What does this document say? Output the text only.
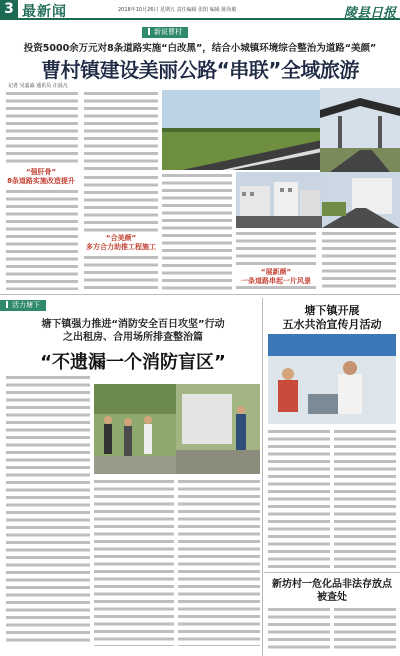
3 最新闻	2018年10月26日 星期五 责任编辑 张阳 编辑 陈尚敏	陵县日报
新说曹村
投资5000余万元对8条道路实施“白改黑”，结合小城镇环境综合整治为道路“美颜”
曹村镇建设美丽公路“串联”全域旅游
记者 吴嘉淼 通讯员 汪晨凡
“强肝骨”
8条道路实施改造提升
“合美颜”
多方合力助推工程施工
“展新颜”
一条道路串起一片风景
活力塘下
塘下镇强力推进“消防安全百日攻坚”行动
之出租房、合用场所排查整治篇
“不遗漏一个消防盲区”
塘下镇开展
五水共治宣传月活动
新坊村一危化品非法存放点
被查处
